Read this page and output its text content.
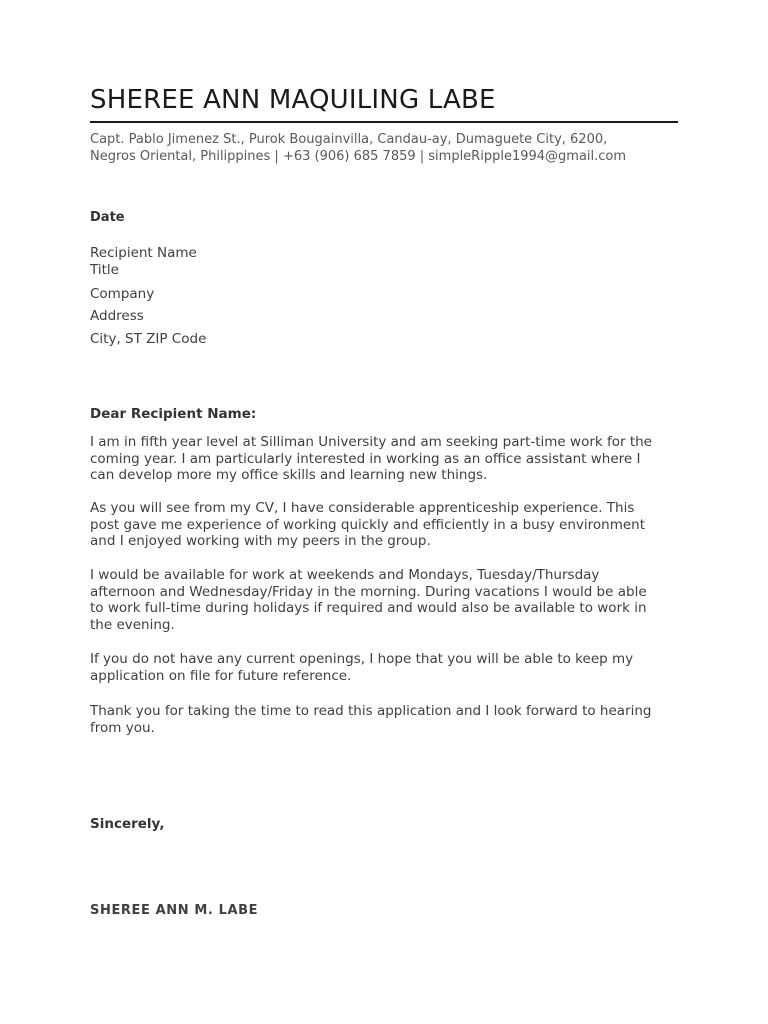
SHEREE ANN MAQUILING LABE
Capt. Pablo Jimenez St., Purok Bougainvilla, Candau-ay, Dumaguete City, 6200,
Negros Oriental, Philippines | +63 (906) 685 7859 | simpleRipple1994@gmail.com
Date
Recipient Name
Title
Company
Address
City, ST ZIP Code
Dear Recipient Name:
I am in fifth year level at Silliman University and am seeking part-time work for the
coming year. I am particularly interested in working as an office assistant where I
can develop more my office skills and learning new things.
As you will see from my CV, I have considerable apprenticeship experience. This
post gave me experience of working quickly and efficiently in a busy environment
and I enjoyed working with my peers in the group.
I would be available for work at weekends and Mondays, Tuesday/Thursday
afternoon and Wednesday/Friday in the morning. During vacations I would be able
to work full-time during holidays if required and would also be available to work in
the evening.
If you do not have any current openings, I hope that you will be able to keep my
application on file for future reference.
Thank you for taking the time to read this application and I look forward to hearing
from you.
Sincerely,
SHEREE ANN M. LABE
